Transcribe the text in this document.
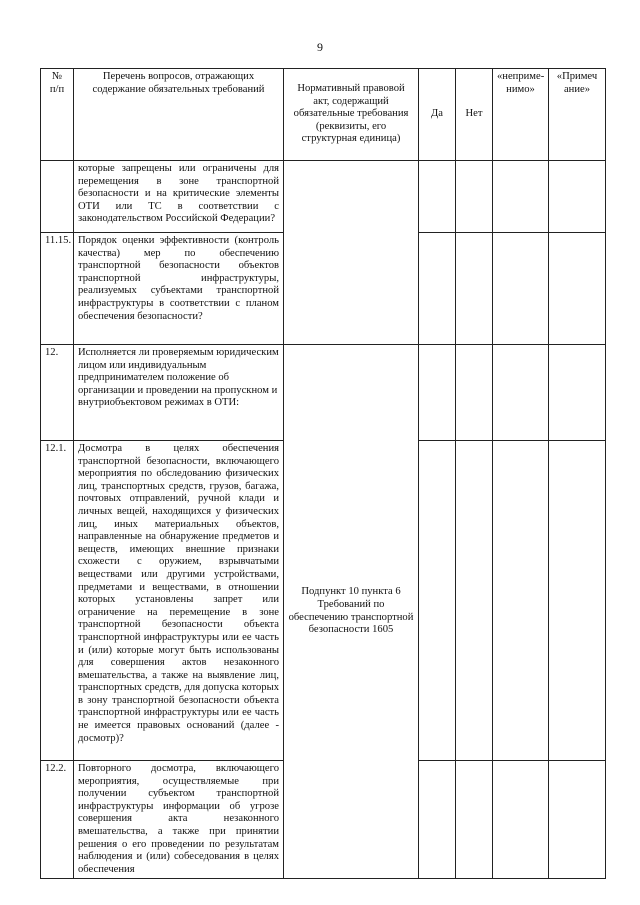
9
№
п/п	Перечень вопросов, отражающих содержание обязательных требований	Нормативный правовой акт, содержащий обязательные требования (реквизиты, его структурная единица)	Да	Нет	«непримe-нимо»	«Примеч ание»

	которые запрещены или ограничены для перемещения в зоне транспортной безопасности и на критические элементы ОТИ или ТС в соответствии с законодательством Российской Федерации?					
11.15.	Порядок оценки эффективности (контроль качества) мер по обеспечению транспортной безопасности объектов транспортной инфраструктуры, реализуемых субъектами транспортной инфраструктуры в соответствии с планом обеспечения безопасности?					
12.	Исполняется ли проверяемым юридическим лицом или индивидуальным предпринимателем положение об организации и проведении на пропускном и внутриобъектовом режимах в ОТИ:	Подпункт 10 пункта 6 Требований по обеспечению транспортной безопасности 1605				
12.1.	Досмотра в целях обеспечения транспортной безопасности, включающего мероприятия по обследованию физических лиц, транспортных средств, грузов, багажа, почтовых отправлений, ручной клади и личных вещей, находящихся у физических лиц, иных материальных объектов, направленные на обнаружение предметов и веществ, имеющих внешние признаки схожести с оружием, взрывчатыми веществами или другими устройствами, предметами и веществами, в отношении которых установлены запрет или ограничение на перемещение в зоне транспортной безопасности объекта транспортной инфраструктуры или ее часть и (или) которые могут быть использованы для совершения актов незаконного вмешательства, а также на выявление лиц, транспортных средств, для допуска которых в зону транспортной безопасности объекта транспортной инфраструктуры или ее часть не имеется правовых оснований (далее - досмотр)?					
12.2.	Повторного досмотра, включающего мероприятия, осуществляемые при получении субъектом транспортной инфраструктуры информации об угрозе совершения акта незаконного вмешательства, а также при принятии решения о его проведении по результатам наблюдения и (или) собеседования в целях обеспечения					
